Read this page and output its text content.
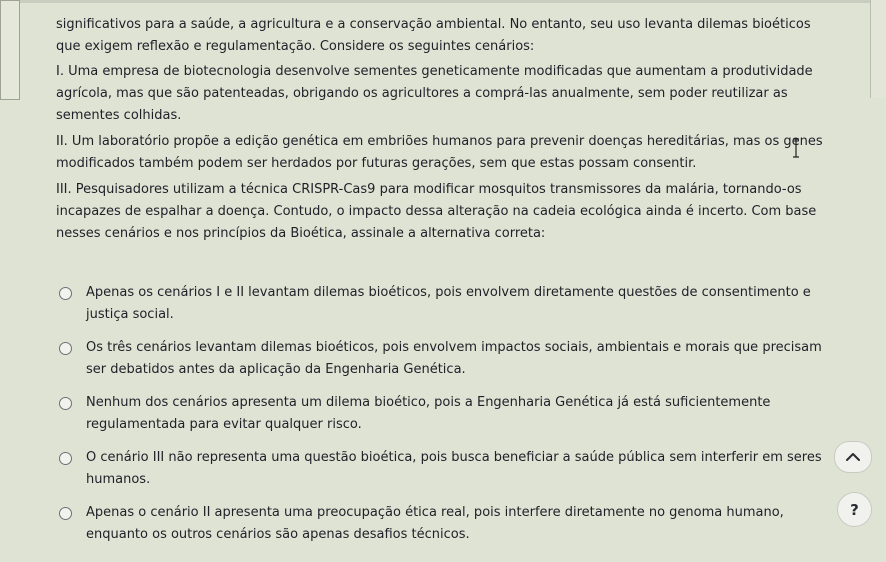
significativos para a saúde, a agricultura e a conservação ambiental. No entanto, seu uso levanta dilemas bioéticos que exigem reflexão e regulamentação. Considere os seguintes cenários:

I. Uma empresa de biotecnologia desenvolve sementes geneticamente modificadas que aumentam a produtividade agrícola, mas que são patenteadas, obrigando os agricultores a comprá-las anualmente, sem poder reutilizar as sementes colhidas.

II. Um laboratório propõe a edição genética em embriões humanos para prevenir doenças hereditárias, mas os genes modificados também podem ser herdados por futuras gerações, sem que estas possam consentir.

III. Pesquisadores utilizam a técnica CRISPR-Cas9 para modificar mosquitos transmissores da malária, tornando-os incapazes de espalhar a doença. Contudo, o impacto dessa alteração na cadeia ecológica ainda é incerto. Com base nesses cenários e nos princípios da Bioética, assinale a alternativa correta:

Apenas os cenários I e II levantam dilemas bioéticos, pois envolvem diretamente questões de consentimento e justiça social.
Os três cenários levantam dilemas bioéticos, pois envolvem impactos sociais, ambientais e morais que precisam ser debatidos antes da aplicação da Engenharia Genética.
Nenhum dos cenários apresenta um dilema bioético, pois a Engenharia Genética já está suficientemente regulamentada para evitar qualquer risco.
O cenário III não representa uma questão bioética, pois busca beneficiar a saúde pública sem interferir em seres humanos.
Apenas o cenário II apresenta uma preocupação ética real, pois interfere diretamente no genoma humano, enquanto os outros cenários são apenas desafios técnicos.
?
